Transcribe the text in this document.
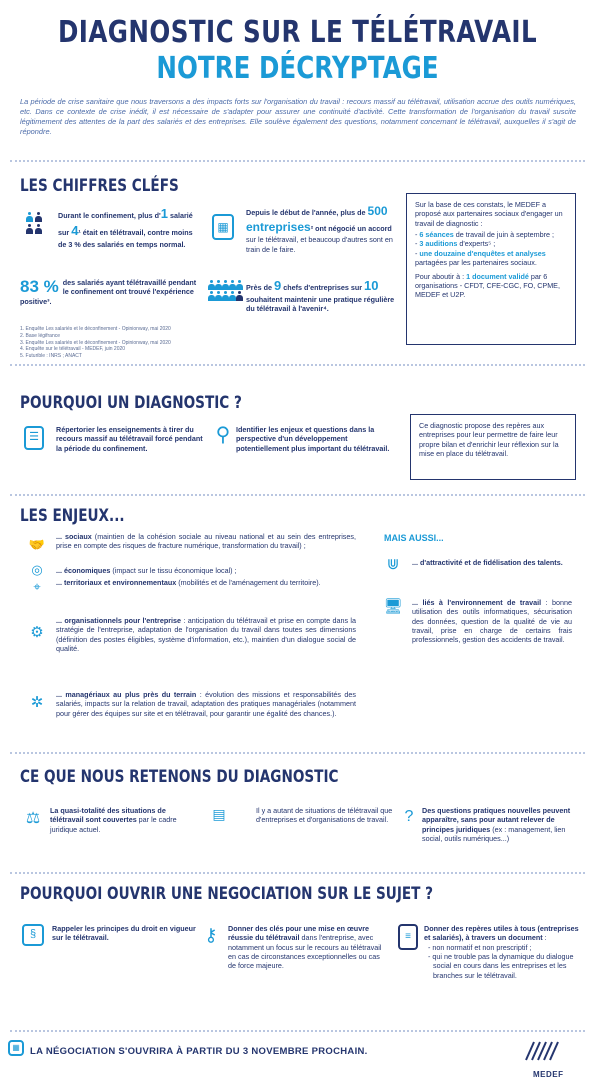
DIAGNOSTIC SUR LE TÉLÉTRAVAIL
NOTRE DÉCRYPTAGE
La période de crise sanitaire que nous traversons a des impacts forts sur l'organisation du travail : recours massif au télétravail, utilisation accrue des outils numériques, etc. Dans ce contexte de crise inédit, il est nécessaire de s'adapter pour assurer une continuité d'activité. Cette transformation de l'organisation du travail suscite légitimement des attentes de la part des salariés et des entreprises. Elle soulève également des questions, notamment concernant le télétravail, auxquelles il s'agit de répondre.
LES CHIFFRES CLÉFS
Durant le confinement, plus d'1 salarié sur 4¹ était en télétravail, contre moins de 3 % des salariés en temps normal.
▦
Depuis le début de l'année, plus de 500 entreprises² ont négocié un accord sur le télétravail, et beaucoup d'autres sont en train de le faire.
83 % des salariés ayant télétravaillé pendant le confinement ont trouvé l'expérience positive³.
Près de 9 chefs d'entreprises sur 10 souhaitent maintenir une pratique régulière du télétravail à l'avenir⁴.
1. Enquête Les salariés et le déconfinement - Opinionway, mai 2020
2. Base légifrance
3. Enquête Les salariés et le déconfinement - Opinionway, mai 2020
4. Enquête sur le télétravail - MEDEF, juin 2020
5. Futurible : INRS ; ANACT
Sur la base de ces constats, le MEDEF a proposé aux partenaires sociaux d'engager un travail de diagnostic :
- 6 séances de travail de juin à septembre ;
- 3 auditions d'experts⁵ ;
- une douzaine d'enquêtes et analyses partagées par les partenaires sociaux.
Pour aboutir à : 1 document validé par 6 organisations - CFDT, CFE-CGC, FO, CPME, MEDEF et U2P.
POURQUOI UN DIAGNOSTIC ?
☰
Répertorier les enseignements à tirer du recours massif au télétravail forcé pendant la période du confinement.
⚲ Identifier les enjeux et questions dans la perspective d'un développement potentiellement plus important du télétravail.
Ce diagnostic propose des repères aux entreprises pour leur permettre de faire leur propre bilan et d'enrichir leur réflexion sur la mise en place du télétravail.
LES ENJEUX...
🤝
... sociaux (maintien de la cohésion sociale au niveau national et au sein des entreprises, prise en compte des risques de fracture numérique, transformation du travail) ;
◎	... économiques (impact sur le tissu économique local) ;
⌖	... territoriaux et environnementaux (mobilités et de l'aménagement du territoire).
⚙
... organisationnels pour l'entreprise : anticipation du télétravail et prise en compte dans la stratégie de l'entreprise, adaptation de l'organisation du travail dans toutes ses dimensions (définition des postes éligibles, système d'information, etc.), maintien d'un dialogue social de qualité.
✲	... managériaux au plus près du terrain : évolution des missions et responsabilités des salariés, impacts sur la relation de travail, adaptation des pratiques managériales (notamment pour gérer des équipes sur site et en télétravail, pour garantir une égalité des chances.).
MAIS AUSSI...
⋓	... d'attractivité et de fidélisation des talents.
🖥 ... liés à l'environnement de travail : bonne utilisation des outils informatiques, sécurisation des données, question de la qualité de vie au travail, prise en charge de certains frais professionnels, gestion des accidents de travail.
CE QUE NOUS RETENONS DU DIAGNOSTIC
⚖	La quasi-totalité des situations de télétravail sont couvertes par le cadre juridique actuel.
▤	Il y a autant de situations de télétravail que d'entreprises et d'organisations de travail.	?	Des questions pratiques nouvelles peuvent apparaître, sans pour autant relever de principes juridiques (ex : management, lien social, outils numériques...)
POURQUOI OUVRIR UNE NEGOCIATION SUR LE SUJET ?
§	Rappeler les principes du droit en vigueur sur le télétravail.	⚷	Donner des clés pour une mise en œuvre réussie du télétravail dans l'entreprise, avec notamment un focus sur le recours au télétravail en cas de circonstances exceptionnelles ou cas de force majeure.
≡
Donner des repères utiles à tous (entreprises et salariés), à travers un document :
- non normatif et non prescriptif ;
- qui ne trouble pas la dynamique du dialogue social en cours dans les entreprises et les branches sur le télétravail.
▦	LA NÉGOCIATION S'OUVRIRA À PARTIR DU 3 NOVEMBRE PROCHAIN.
MEDEF
